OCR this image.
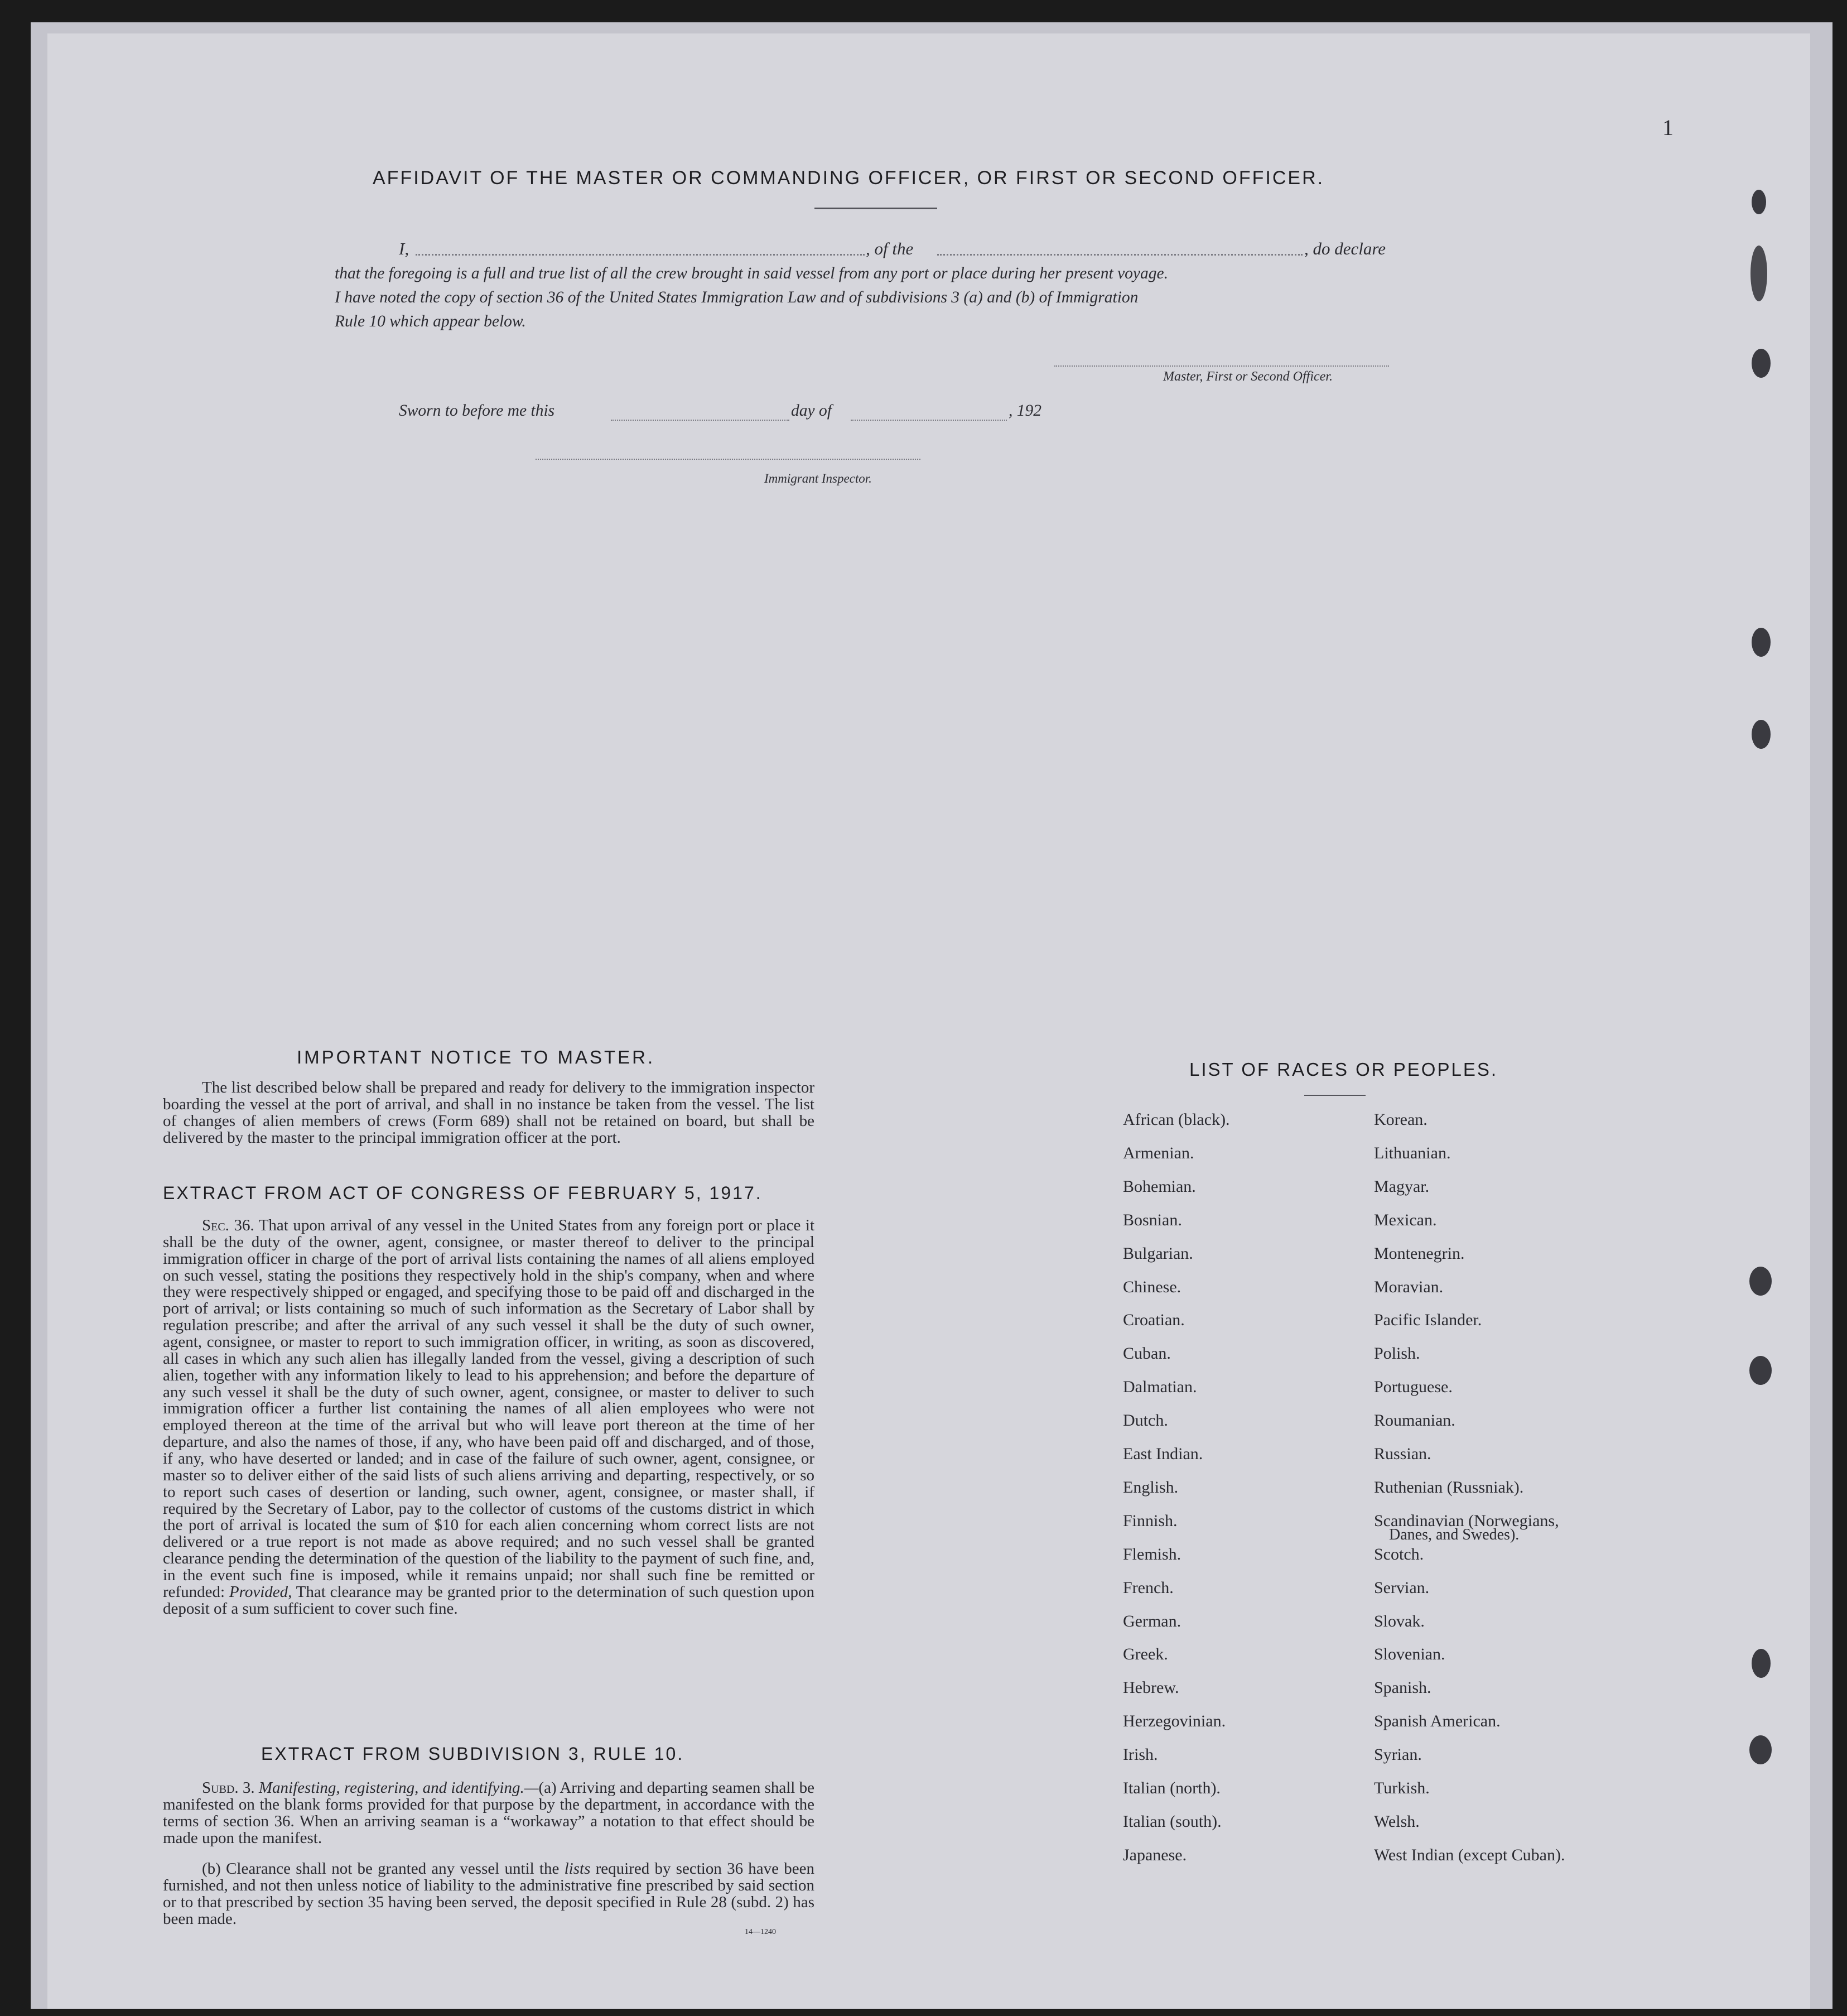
1
AFFIDAVIT OF THE MASTER OR COMMANDING OFFICER, OR FIRST OR SECOND OFFICER.
I,	, of the	, do declare
that the foregoing is a full and true list of all the crew brought in said vessel from any port or place during her present voyage.
I have noted the copy of section 36 of the United States Immigration Law and of subdivisions 3 (a) and (b) of Immigration
Rule 10 which appear below.
Master, First or Second Officer.
Sworn to before me this	day of	, 192
Immigrant Inspector.
IMPORTANT NOTICE TO MASTER.
The list described below shall be prepared and ready for delivery to the immigration inspector boarding the vessel at the port of arrival, and shall in no instance be taken from the vessel. The list of changes of alien members of crews (Form 689) shall not be retained on board, but shall be delivered by the master to the principal immigration officer at the port.
EXTRACT FROM ACT OF CONGRESS OF FEBRUARY 5, 1917.
Sec. 36. That upon arrival of any vessel in the United States from any foreign port or place it shall be the duty of the owner, agent, consignee, or master thereof to deliver to the principal immigration officer in charge of the port of arrival lists containing the names of all aliens employed on such vessel, stating the positions they respectively hold in the ship's company, when and where they were respectively shipped or engaged, and specifying those to be paid off and discharged in the port of arrival; or lists containing so much of such information as the Secretary of Labor shall by regulation prescribe; and after the arrival of any such vessel it shall be the duty of such owner, agent, consignee, or master to report to such immigration officer, in writing, as soon as discovered, all cases in which any such alien has illegally landed from the vessel, giving a description of such alien, together with any information likely to lead to his apprehension; and before the departure of any such vessel it shall be the duty of such owner, agent, consignee, or master to deliver to such immigration officer a further list containing the names of all alien employees who were not employed thereon at the time of the arrival but who will leave port thereon at the time of her departure, and also the names of those, if any, who have been paid off and discharged, and of those, if any, who have deserted or landed; and in case of the failure of such owner, agent, consignee, or master so to deliver either of the said lists of such aliens arriving and departing, respectively, or so to report such cases of desertion or landing, such owner, agent, consignee, or master shall, if required by the Secretary of Labor, pay to the collector of customs of the customs district in which the port of arrival is located the sum of $10 for each alien concerning whom correct lists are not delivered or a true report is not made as above required; and no such vessel shall be granted clearance pending the determination of the question of the liability to the payment of such fine, and, in the event such fine is imposed, while it remains unpaid; nor shall such fine be remitted or refunded: Provided, That clearance may be granted prior to the determination of such question upon deposit of a sum sufficient to cover such fine.
EXTRACT FROM SUBDIVISION 3, RULE 10.
Subd. 3. Manifesting, registering, and identifying.—(a) Arriving and departing seamen shall be manifested on the blank forms provided for that purpose by the department, in accordance with the terms of section 36. When an arriving seaman is a “workaway” a notation to that effect should be made upon the manifest.
(b) Clearance shall not be granted any vessel until the lists required by section 36 have been furnished, and not then unless notice of liability to the administrative fine prescribed by said section or to that prescribed by section 35 having been served, the deposit specified in Rule 28 (subd. 2) has been made.
14—1240
LIST OF RACES OR PEOPLES.
African (black).
Armenian.
Bohemian.
Bosnian.
Bulgarian.
Chinese.
Croatian.
Cuban.
Dalmatian.
Dutch.
East Indian.
English.
Finnish.
Flemish.
French.
German.
Greek.
Hebrew.
Herzegovinian.
Irish.
Italian (north).
Italian (south).
Japanese.
Korean.
Lithuanian.
Magyar.
Mexican.
Montenegrin.
Moravian.
Pacific Islander.
Polish.
Portuguese.
Roumanian.
Russian.
Ruthenian (Russniak).
Scandinavian (Norwegians,
Scotch.
Servian.
Slovak.
Slovenian.
Spanish.
Spanish American.
Syrian.
Turkish.
Welsh.
West Indian (except Cuban).
Danes, and Swedes).
